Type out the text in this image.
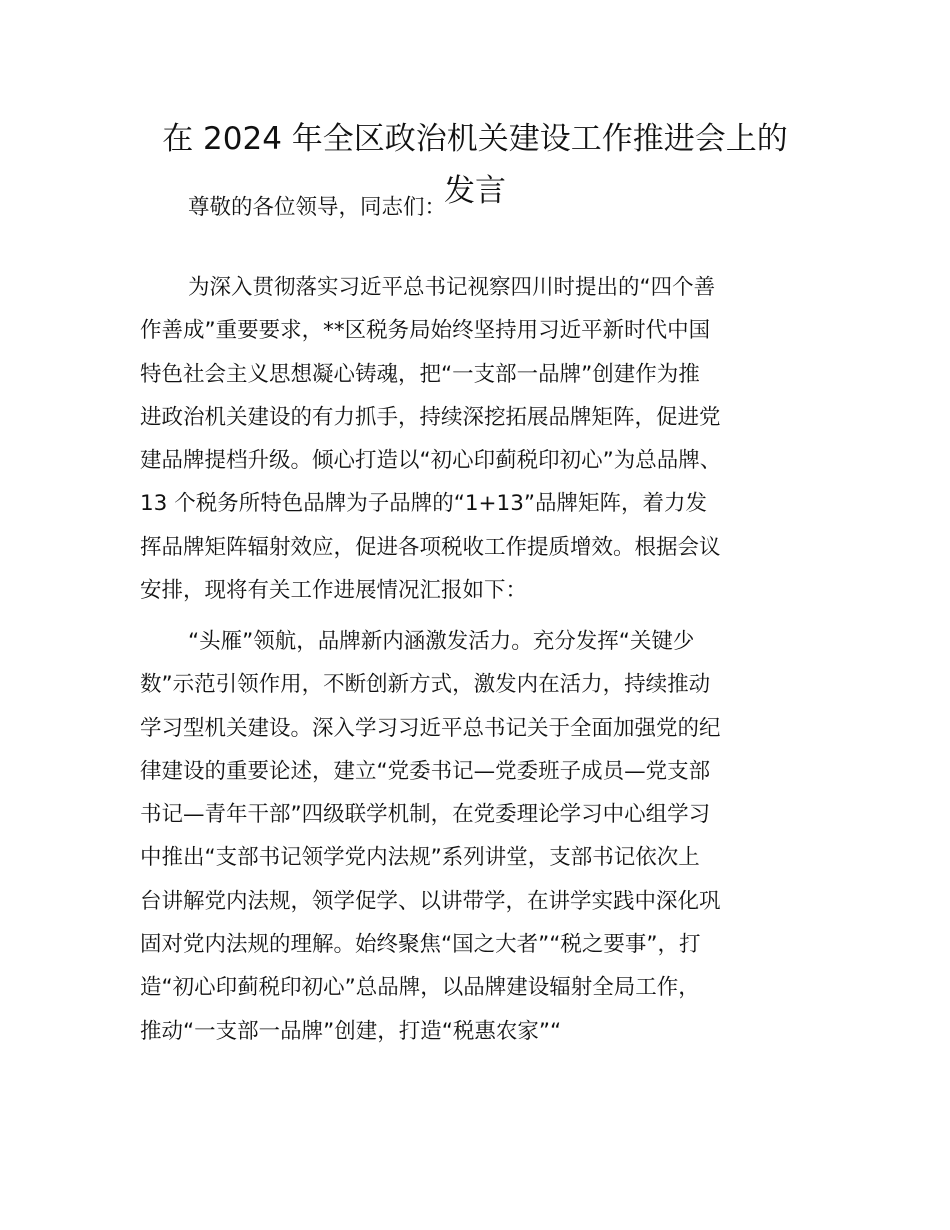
在 2024 年全区政治机关建设工作推进会上的
发言

尊敬的各位领导，同志们：

为深入贯彻落实习近平总书记视察四川时提出的“四个善
作善成”重要要求，**区税务局始终坚持用习近平新时代中国
特色社会主义思想凝心铸魂，把“一支部一品牌”创建作为推
进政治机关建设的有力抓手，持续深挖拓展品牌矩阵，促进党
建品牌提档升级。倾心打造以“初心印蓟税印初心”为总品牌、
13 个税务所特色品牌为子品牌的“1+13”品牌矩阵，着力发
挥品牌矩阵辐射效应，促进各项税收工作提质增效。根据会议
安排，现将有关工作进展情况汇报如下：

“头雁”领航，品牌新内涵激发活力。充分发挥“关键少
数”示范引领作用，不断创新方式，激发内在活力，持续推动
学习型机关建设。深入学习习近平总书记关于全面加强党的纪
律建设的重要论述，建立“党委书记—党委班子成员—党支部
书记—青年干部”四级联学机制，在党委理论学习中心组学习
中推出“支部书记领学党内法规”系列讲堂，支部书记依次上
台讲解党内法规，领学促学、以讲带学，在讲学实践中深化巩
固对党内法规的理解。始终聚焦“国之大者”“税之要事”，打
造“初心印蓟税印初心”总品牌，以品牌建设辐射全局工作，
推动“一支部一品牌”创建，打造“税惠农家”“
